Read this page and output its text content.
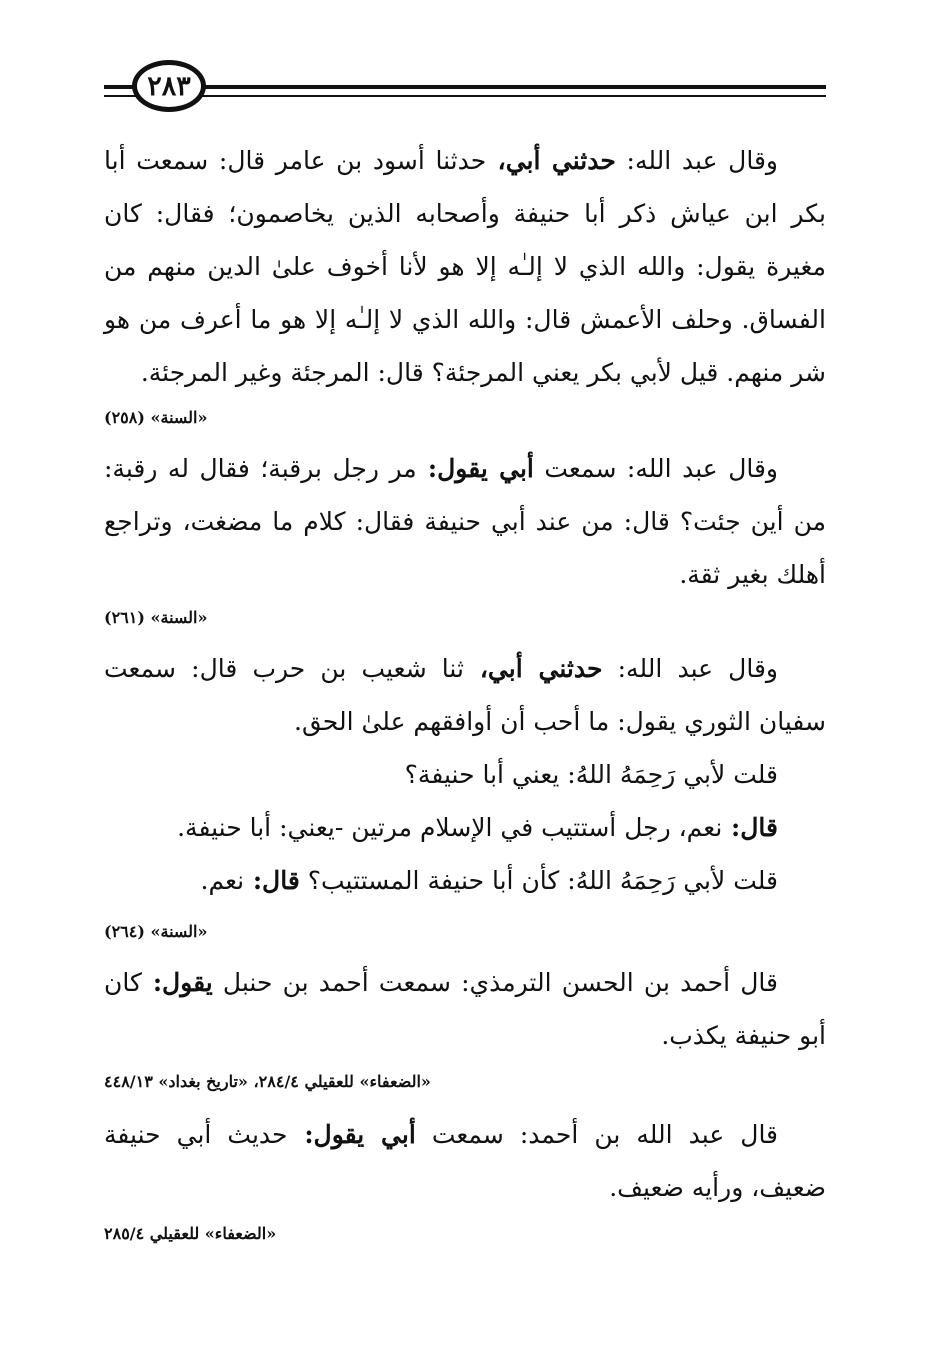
٢٨٣
وقال عبد الله: حدثني أبي، حدثنا أسود بن عامر قال: سمعت أبا بكر ابن عياش ذكر أبا حنيفة وأصحابه الذين يخاصمون؛ فقال: كان مغيرة يقول: والله الذي لا إلـٰه إلا هو لأنا أخوف علىٰ الدين منهم من الفساق. وحلف الأعمش قال: والله الذي لا إلـٰه إلا هو ما أعرف من هو شر منهم. قيل لأبي بكر يعني المرجئة؟ قال: المرجئة وغير المرجئة.
«السنة» (٢٥٨)
وقال عبد الله: سمعت أبي يقول: مر رجل برقبة؛ فقال له رقبة: من أين جئت؟ قال: من عند أبي حنيفة فقال: كلام ما مضغت، وتراجع أهلك بغير ثقة.
«السنة» (٢٦١)
وقال عبد الله: حدثني أبي، ثنا شعيب بن حرب قال: سمعت سفيان الثوري يقول: ما أحب أن أوافقهم علىٰ الحق.
قلت لأبي رَحِمَهُ اللهُ: يعني أبا حنيفة؟
قال: نعم، رجل أستتيب في الإسلام مرتين -يعني: أبا حنيفة.
قلت لأبي رَحِمَهُ اللهُ: كأن أبا حنيفة المستتيب؟ قال: نعم.
«السنة» (٢٦٤)
قال أحمد بن الحسن الترمذي: سمعت أحمد بن حنبل يقول: كان أبو حنيفة يكذب.
«الضعفاء» للعقيلي ٢٨٤/٤، «تاريخ بغداد» ٤٤٨/١٣
قال عبد الله بن أحمد: سمعت أبي يقول: حديث أبي حنيفة ضعيف، ورأيه ضعيف.
«الضعفاء» للعقيلي ٢٨٥/٤
